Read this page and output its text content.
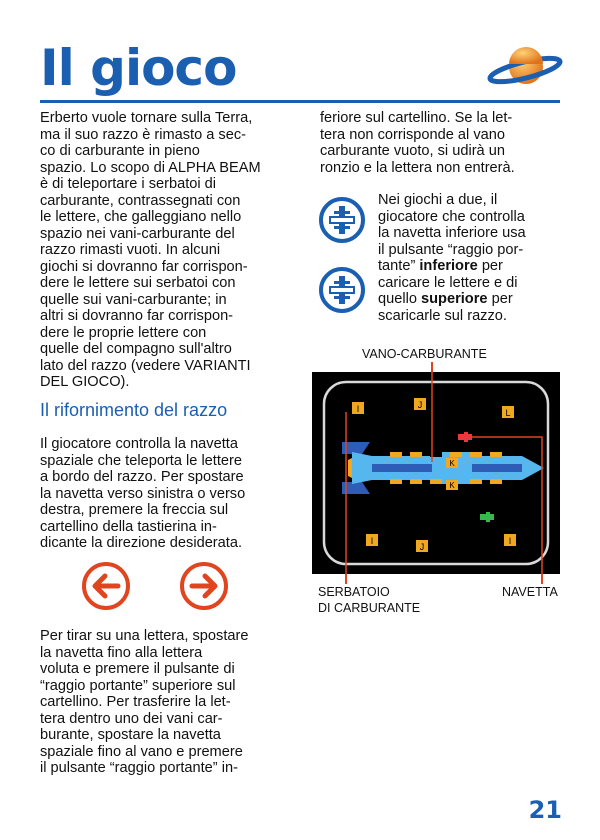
Il gioco
Erberto vuole tornare sulla Terra,
ma il suo razzo è rimasto a sec-
co di carburante in pieno
spazio. Lo scopo di ALPHA BEAM
è di teleportare i serbatoi di
carburante, contrassegnati con
le lettere, che galleggiano nello
spazio nei vani-carburante del
razzo rimasti vuoti. In alcuni
giochi si dovranno far corrispon-
dere le lettere sui serbatoi con
quelle sui vani-carburante; in
altri si dovranno far corrispon-
dere le proprie lettere con
quelle del compagno sull'altro
lato del razzo (vedere VARIANTI
DEL GIOCO).
Il rifornimento del razzo
Il giocatore controlla la navetta
spaziale che teleporta le lettere
a bordo del razzo. Per spostare
la navetta verso sinistra o verso
destra, premere la freccia sul
cartellino della tastierina in-
dicante la direzione desiderata.
Per tirar su una lettera, spostare
la navetta fino alla lettera
voluta e premere il pulsante di
“raggio portante” superiore sul
cartellino. Per trasferire la let-
tera dentro uno dei vani car-
burante, spostare la navetta
spaziale fino al vano e premere
il pulsante “raggio portante” in-
feriore sul cartellino. Se la let-
tera non corrisponde al vano
carburante vuoto, si udirà un
ronzio e la lettera non entrerà.
Nei giochi a due, il
giocatore che controlla
la navetta inferiore usa
il pulsante “raggio por-
tante” inferiore per
caricare le lettere e di
quello superiore per
scaricarle sul razzo.
VANO-CARBURANTE
SERBATOIO
DI CARBURANTE
NAVETTA
I	J
L
K
K
I
J
I
21
